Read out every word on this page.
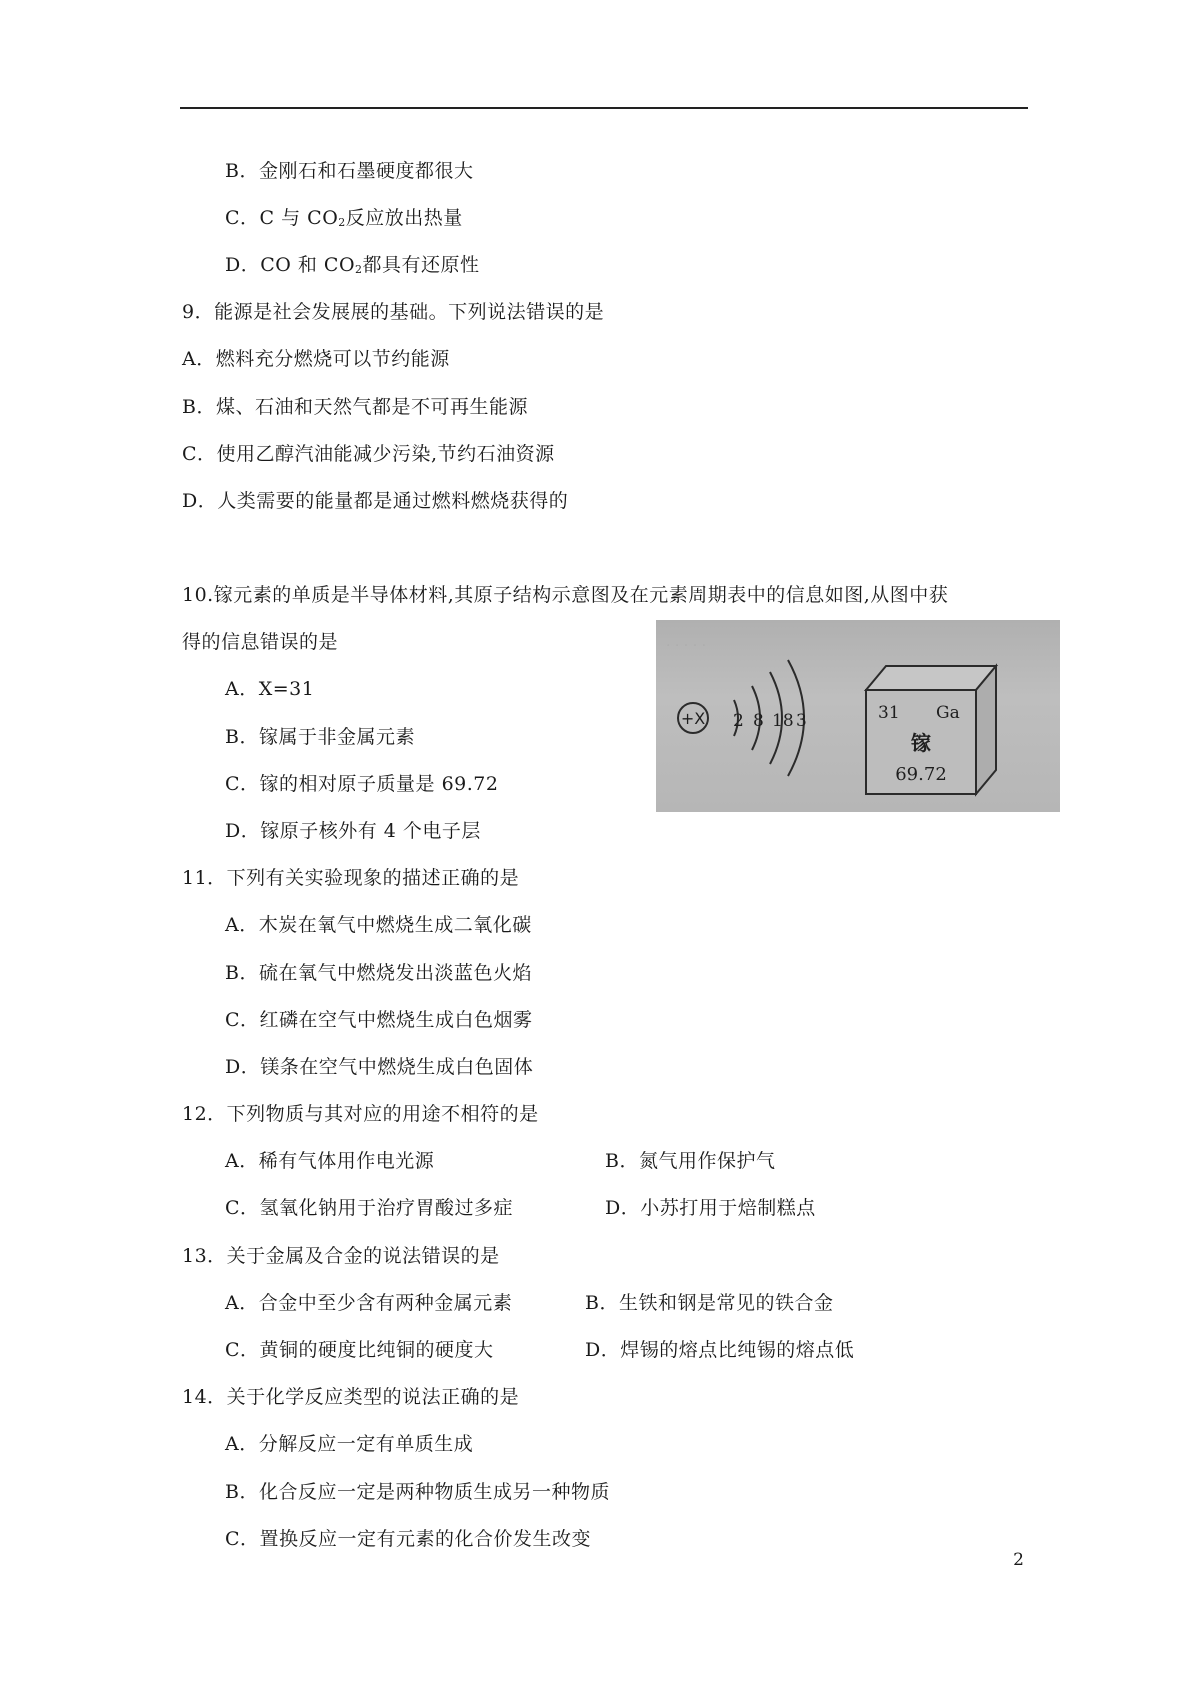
B．金刚石和石墨硬度都很大
C．C 与 $CO_2$反应放出热量
D．CO 和 $CO_2$都具有还原性
9．能源是社会发展展的基础。下列说法错误的是
A．燃料充分燃烧可以节约能源
B．煤、石油和天然气都是不可再生能源
C．使用乙醇汽油能减少污染,节约石油资源
D．人类需要的能量都是通过燃料燃烧获得的
10.镓元素的单质是半导体材料,其原子结构示意图及在元素周期表中的信息如图,从图中获
得的信息错误的是
A．X=31
B．镓属于非金属元素
C．镓的相对原子质量是 69.72
D．镓原子核外有 4 个电子层
· · · · ·
+X 2 8 18 3	31 Ga
镓
69.72
11．下列有关实验现象的描述正确的是
A．木炭在氧气中燃烧生成二氧化碳
B．硫在氧气中燃烧发出淡蓝色火焰
C．红磷在空气中燃烧生成白色烟雾
D．镁条在空气中燃烧生成白色固体
12．下列物质与其对应的用途不相符的是
A．稀有气体用作电光源	B．氮气用作保护气
C．氢氧化钠用于治疗胃酸过多症	D．小苏打用于焙制糕点
13．关于金属及合金的说法错误的是
A．合金中至少含有两种金属元素	B．生铁和钢是常见的铁合金
C．黄铜的硬度比纯铜的硬度大	D．焊锡的熔点比纯锡的熔点低
14．关于化学反应类型的说法正确的是
A．分解反应一定有单质生成
B．化合反应一定是两种物质生成另一种物质
C．置换反应一定有元素的化合价发生改变
2
